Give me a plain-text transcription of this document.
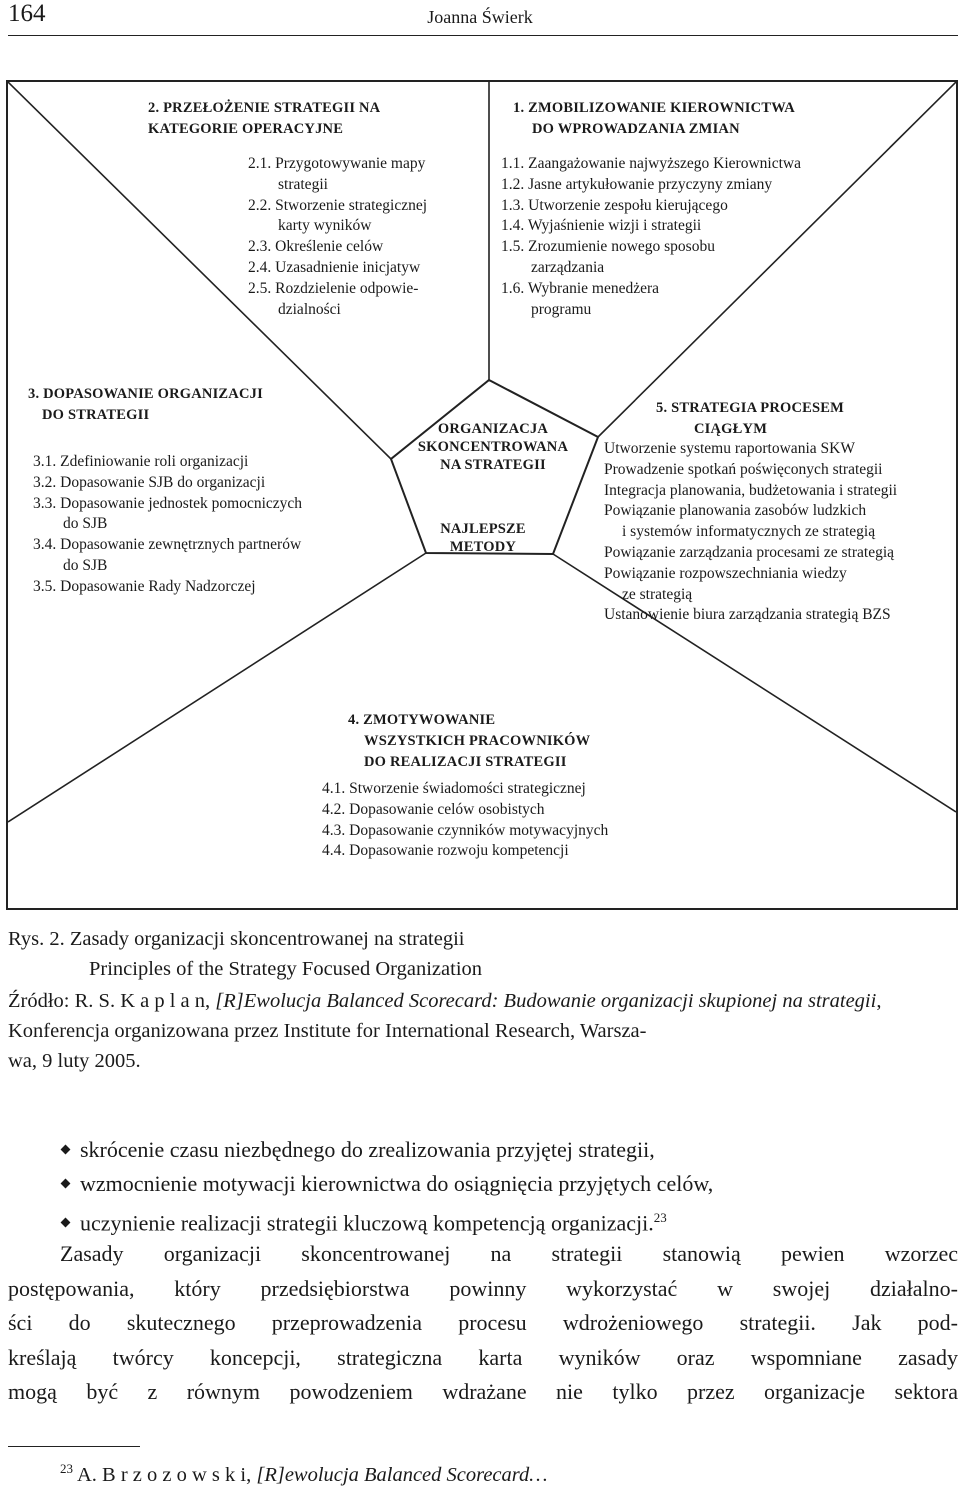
164	Joanna Świerk
2. PRZEŁOŻENIE STRATEGII NA
KATEGORIE OPERACYJNE
2.1. Przygotowywanie mapy
strategii
2.2. Stworzenie strategicznej
karty wyników
2.3. Określenie celów
2.4. Uzasadnienie inicjatyw
2.5. Rozdzielenie odpowie-
dzialności
1. ZMOBILIZOWANIE KIEROWNICTWA
DO WPROWADZANIA ZMIAN
1.1. Zaangażowanie najwyższego Kierownictwa
1.2. Jasne artykułowanie przyczyny zmiany
1.3. Utworzenie zespołu kierującego
1.4. Wyjaśnienie wizji i strategii
1.5. Zrozumienie nowego sposobu
zarządzania
1.6. Wybranie menedżera
programu
3. DOPASOWANIE ORGANIZACJI
DO STRATEGII
3.1. Zdefiniowanie roli organizacji
3.2. Dopasowanie SJB do organizacji
3.3. Dopasowanie jednostek pomocniczych
do SJB
3.4. Dopasowanie zewnętrznych partnerów
do SJB
3.5. Dopasowanie Rady Nadzorczej
ORGANIZACJA
SKONCENTROWANA
NA STRATEGII
NAJLEPSZE
METODY
5. STRATEGIA PROCESEM
CIĄGŁYM
Utworzenie systemu raportowania SKW
Prowadzenie spotkań poświęconych strategii
Integracja planowania, budżetowania i strategii
Powiązanie planowania zasobów ludzkich
i systemów informatycznych ze strategią
Powiązanie zarządzania procesami ze strategią
Powiązanie rozpowszechniania wiedzy
ze strategią
Ustanowienie biura zarządzania strategią BZS
4. ZMOTYWOWANIE
WSZYSTKICH PRACOWNIKÓW
DO REALIZACJI STRATEGII
4.1. Stworzenie świadomości strategicznej
4.2. Dopasowanie celów osobistych
4.3. Dopasowanie czynników motywacyjnych
4.4. Dopasowanie rozwoju kompetencji
Rys. 2. Zasady organizacji skoncentrowanej na strategii
Principles of the Strategy Focused Organization
Źródło: R. S. K a p l a n, [R]Ewolucja Balanced Scorecard: Budowanie organizacji skupionej na strategii, Konferencja organizowana przez Institute for International Research, Warsza-
wa, 9 luty 2005.
skrócenie czasu niezbędnego do zrealizowania przyjętej strategii,
wzmocnienie motywacji kierownictwa do osiągnięcia przyjętych celów,
uczynienie realizacji strategii kluczową kompetencją organizacji.$^{23}$
Zasady organizacji skoncentrowanej na strategii stanowią pewien wzorzec
postępowania, który przedsiębiorstwa powinny wykorzystać w swojej działalno-
ści do skutecznego przeprowadzenia procesu wdrożeniowego strategii. Jak pod-
kreślają twórcy koncepcji, strategiczna karta wyników oraz wspomniane zasady
mogą być z równym powodzeniem wdrażane nie tylko przez organizacje sektora
$^{23}$ A. B r z o z o w s k i, [R]ewolucja Balanced Scorecard…
